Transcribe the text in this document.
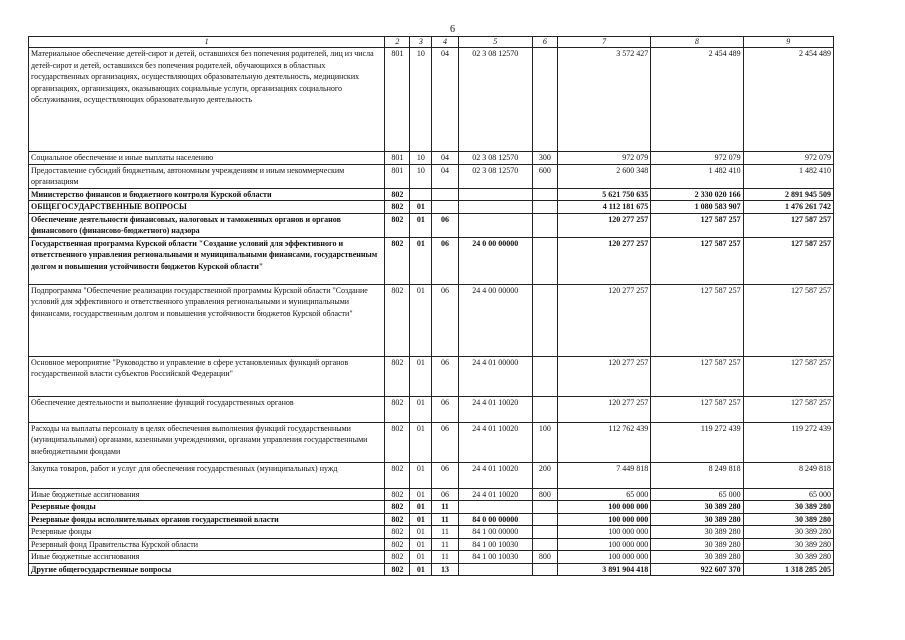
6
1	2	3	4	5	6	7	8	9
Материальное обеспечение детей-сирот и детей, оставшихся без попечения родителей, лиц из числа детей-сирот и детей, оставшихся без попечения родителей, обучающихся в областных государственных организациях, осуществляющих образовательную деятельность, медицинских организациях, организациях, оказывающих социальные услуги, организациях социального обслуживания, осуществляющих образовательную деятельность	801	10	04	02 3 08 12570		3 572 427	2 454 489	2 454 489
Социальное обеспечение и иные выплаты населению	801	10	04	02 3 08 12570	300	972 079	972 079	972 079
Предоставление субсидий бюджетным, автономным учреждениям и иным некоммерческим организациям	801	10	04	02 3 08 12570	600	2 600 348	1 482 410	1 482 410
Министерство финансов и бюджетного контроля Курской области	802					5 621 750 635	2 330 020 166	2 891 945 509
ОБЩЕГОСУДАРСТВЕННЫЕ ВОПРОСЫ	802	01				4 112 181 675	1 080 583 907	1 476 261 742
Обеспечение деятельности финансовых, налоговых и таможенных органов и органов финансового (финансово-бюджетного) надзора	802	01	06			120 277 257	127 587 257	127 587 257
Государственная программа Курской области "Создание условий для эффективного и ответственного управления региональными и муниципальными финансами, государственным долгом и повышения устойчивости бюджетов Курской области"	802	01	06	24 0 00 00000		120 277 257	127 587 257	127 587 257
Подпрограмма "Обеспечение реализации государственной программы Курской области "Создание условий для эффективного и ответственного управления региональными и муниципальными финансами, государственным долгом и повышения устойчивости бюджетов Курской области"	802	01	06	24 4 00 00000		120 277 257	127 587 257	127 587 257
Основное мероприятие "Руководство и управление в сфере установленных функций органов государственной власти субъектов Российской Федерации"	802	01	06	24 4 01 00000		120 277 257	127 587 257	127 587 257
Обеспечение деятельности и выполнение функций государственных органов	802	01	06	24 4 01 10020		120 277 257	127 587 257	127 587 257
Расходы на выплаты персоналу в целях обеспечения выполнения функций государственными (муниципальными) органами, казенными учреждениями, органами управления государственными внебюджетными фондами	802	01	06	24 4 01 10020	100	112 762 439	119 272 439	119 272 439
Закупка товаров, работ и услуг для обеспечения государственных (муниципальных) нужд	802	01	06	24 4 01 10020	200	7 449 818	8 249 818	8 249 818
Иные бюджетные ассигнования	802	01	06	24 4 01 10020	800	65 000	65 000	65 000
Резервные фонды	802	01	11			100 000 000	30 389 280	30 389 280
Резервные фонды исполнительных органов государственной власти	802	01	11	84 0 00 00000		100 000 000	30 389 280	30 389 280
Резервные фонды	802	01	11	84 1 00 00000		100 000 000	30 389 280	30 389 280
Резервный фонд Правительства Курской области	802	01	11	84 1 00 10030		100 000 000	30 389 280	30 389 280
Иные бюджетные ассигнования	802	01	11	84 1 00 10030	800	100 000 000	30 389 280	30 389 280
Другие общегосударственные вопросы	802	01	13			3 891 904 418	922 607 370	1 318 285 205
